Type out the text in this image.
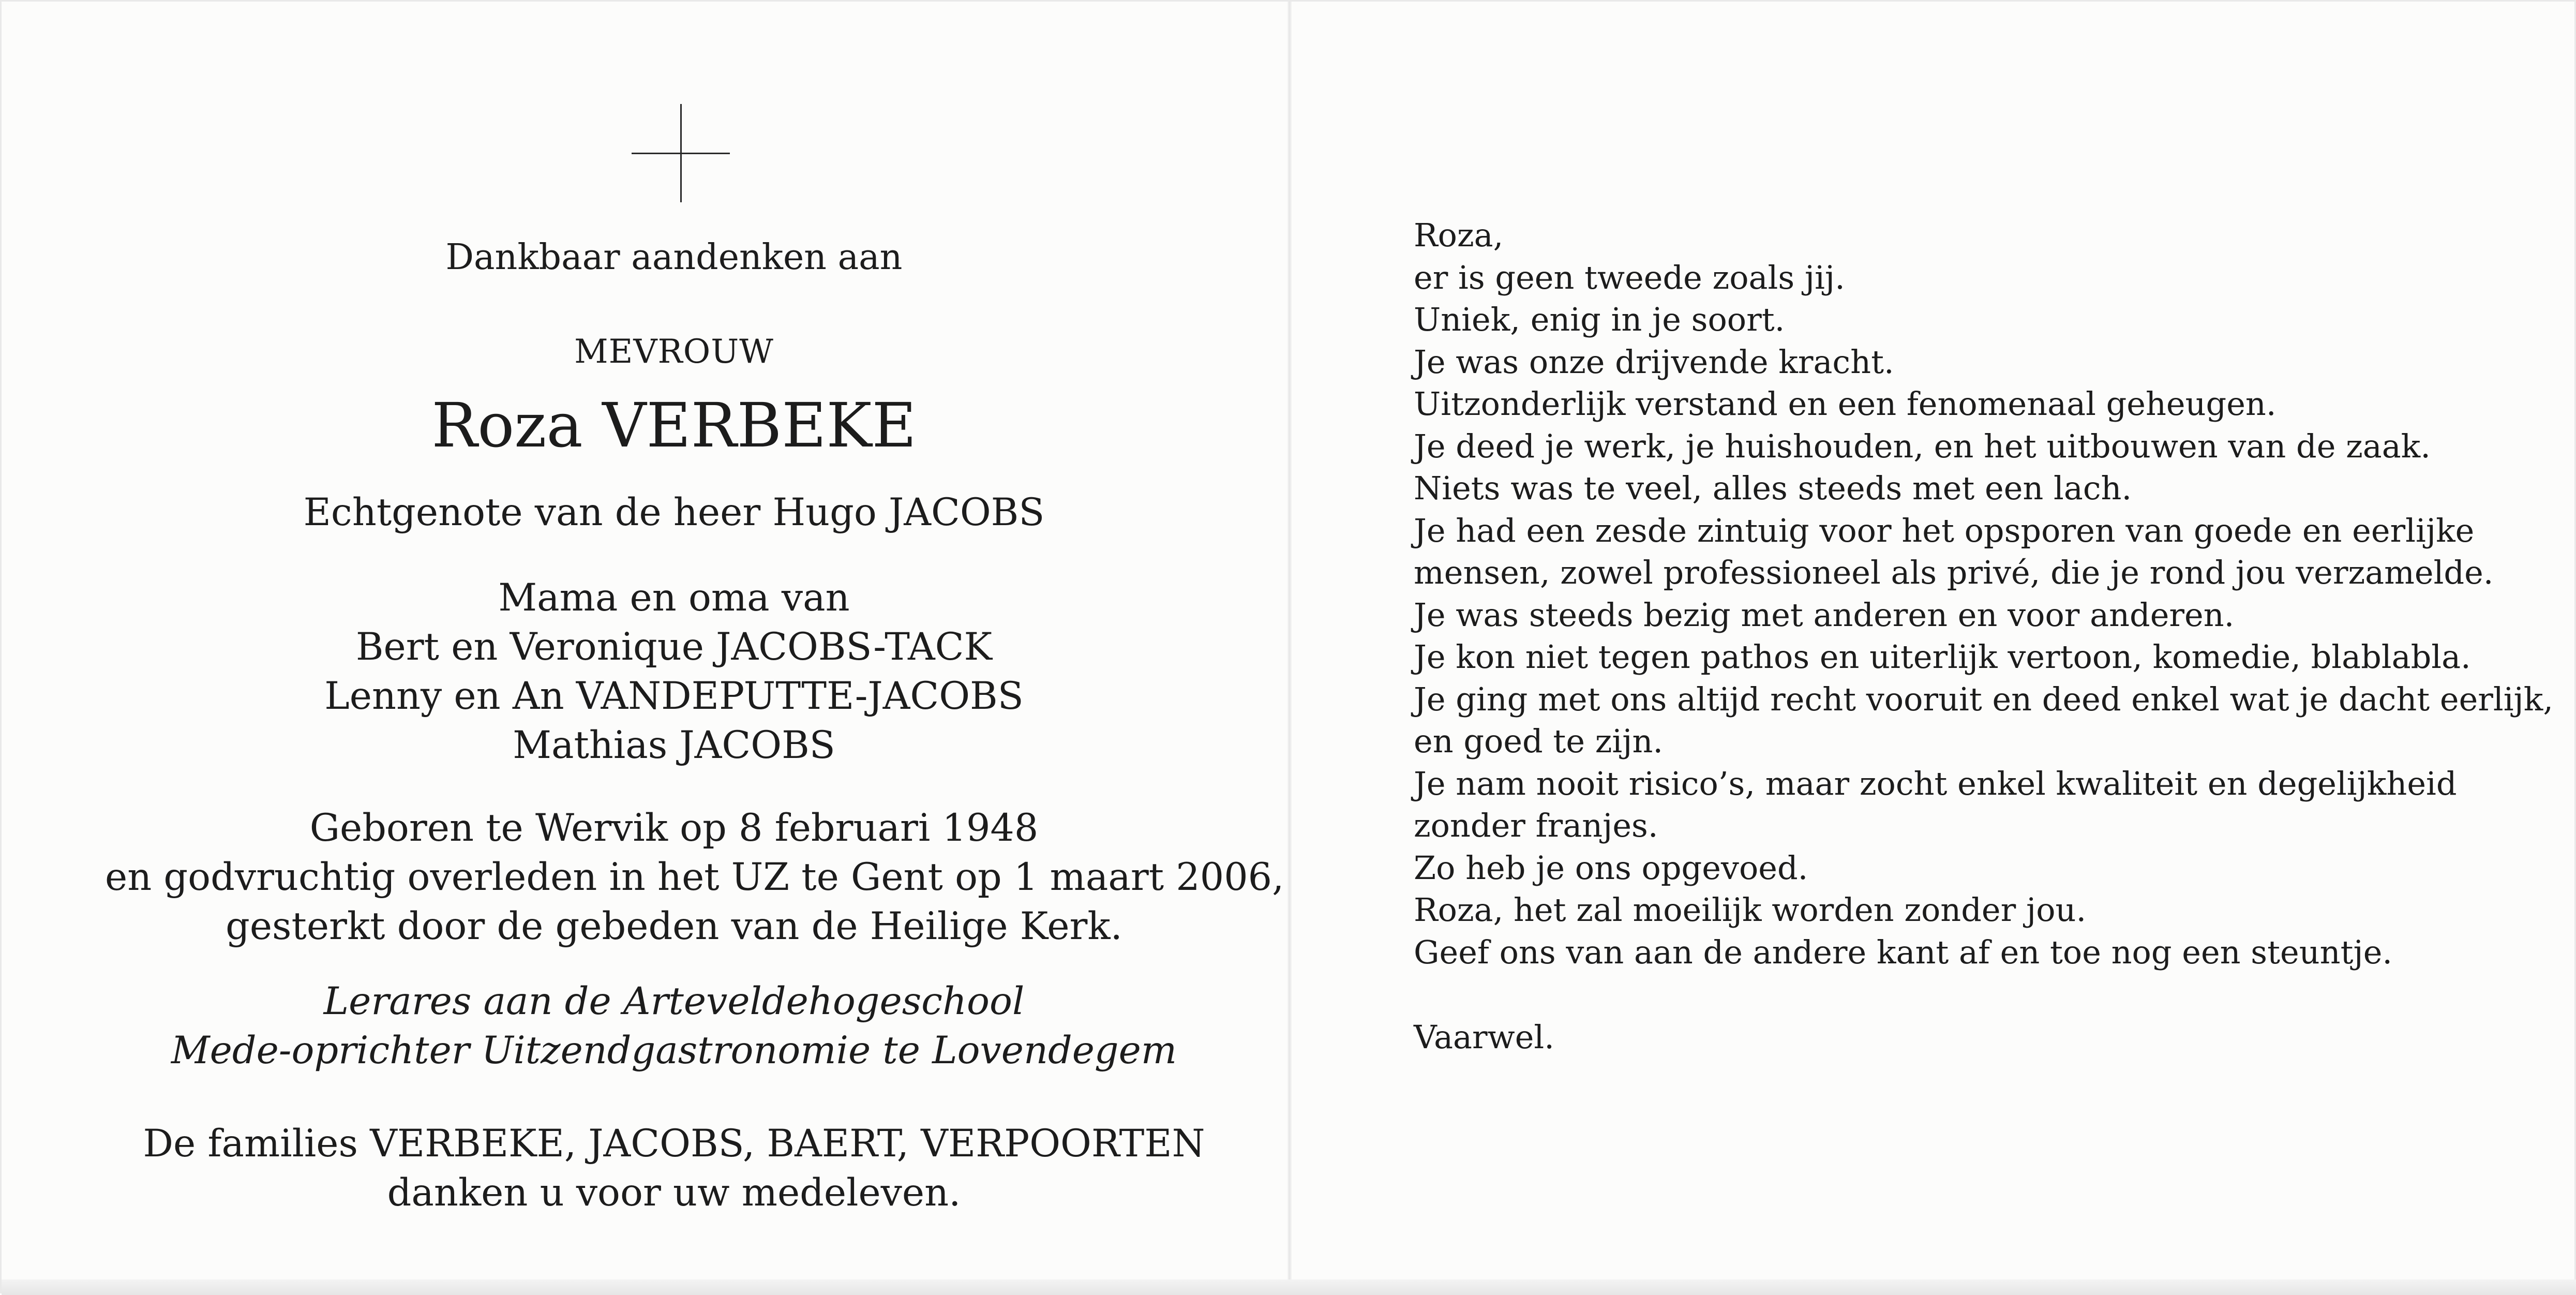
Dankbaar aandenken aan
MEVROUW
Roza VERBEKE
Echtgenote van de heer Hugo JACOBS
Mama en oma van
Bert en Veronique JACOBS-TACK
Lenny en An VANDEPUTTE-JACOBS
Mathias JACOBS
Geboren te Wervik op 8 februari 1948
en godvruchtig overleden in het UZ te Gent op 1 maart 2006,
gesterkt door de gebeden van de Heilige Kerk.
Lerares aan de Arteveldehogeschool
Mede-oprichter Uitzendgastronomie te Lovendegem
De families VERBEKE, JACOBS, BAERT, VERPOORTEN
danken u voor uw medeleven.
Roza,
er is geen tweede zoals jij.
Uniek, enig in je soort.
Je was onze drijvende kracht.
Uitzonderlijk verstand en een fenomenaal geheugen.
Je deed je werk, je huishouden, en het uitbouwen van de zaak.
Niets was te veel, alles steeds met een lach.
Je had een zesde zintuig voor het opsporen van goede en eerlijke
mensen, zowel professioneel als privé, die je rond jou verzamelde.
Je was steeds bezig met anderen en voor anderen.
Je kon niet tegen pathos en uiterlijk vertoon, komedie, blablabla.
Je ging met ons altijd recht vooruit en deed enkel wat je dacht eerlijk,
en goed te zijn.
Je nam nooit risico’s, maar zocht enkel kwaliteit en degelijkheid
zonder franjes.
Zo heb je ons opgevoed.
Roza, het zal moeilijk worden zonder jou.
Geef ons van aan de andere kant af en toe nog een steuntje.
Vaarwel.
